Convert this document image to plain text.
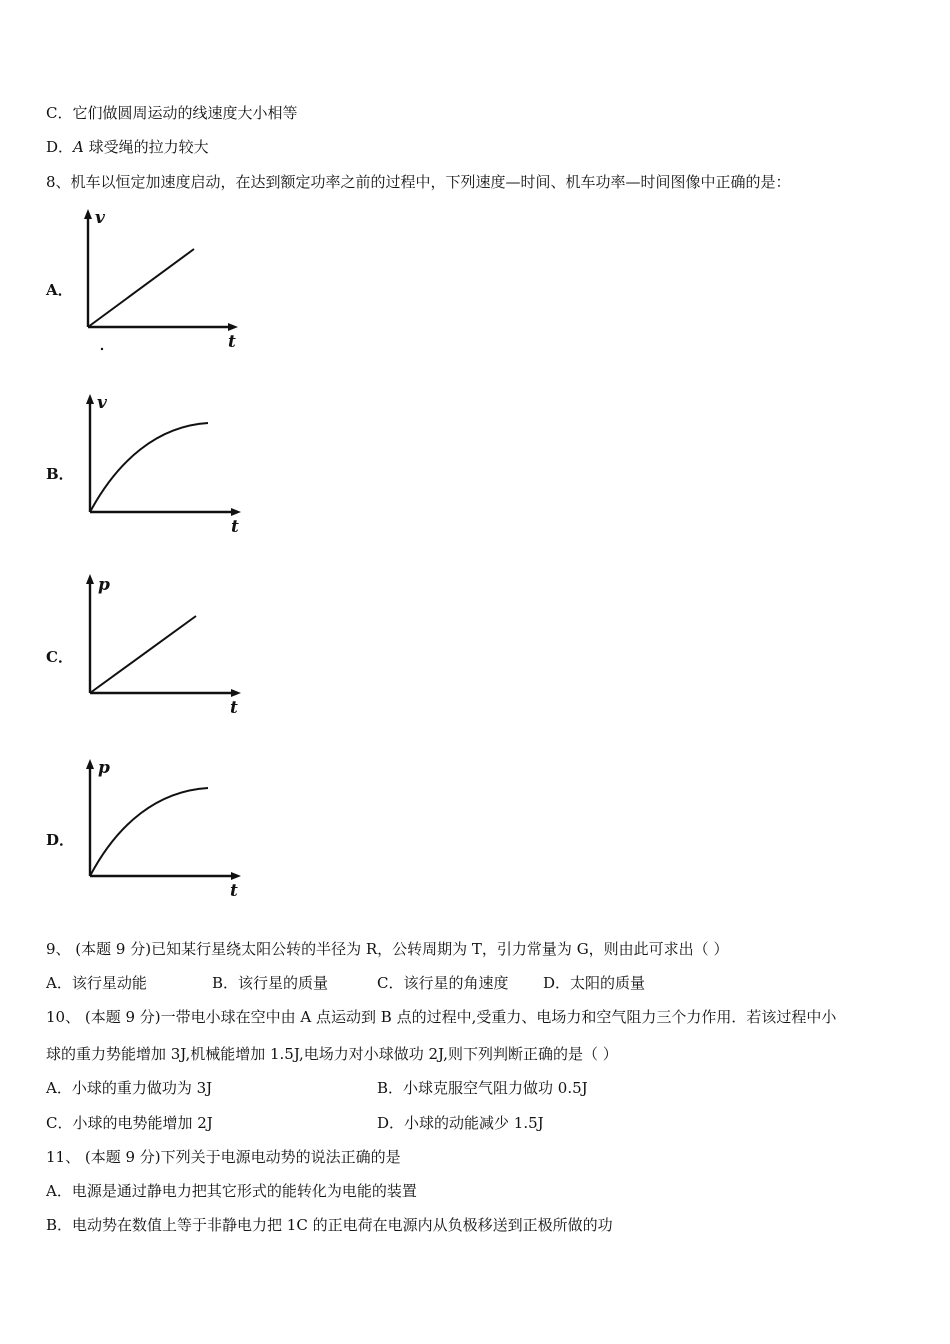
C．它们做圆周运动的线速度大小相等
D．A 球受绳的拉力较大
8、机车以恒定加速度启动，在达到额定功率之前的过程中，下列速度—时间、机车功率—时间图像中正确的是：
A．
v
t
B．
v
t
C．
p
t
D．
p
t
9、 (本题 9 分)已知某行星绕太阳公转的半径为 R，公转周期为 T，引力常量为 G，则由此可求出（ ）
A．该行星动能	B．该行星的质量	C．该行星的角速度 D．太阳的质量
10、 (本题 9 分)一带电小球在空中由 A 点运动到 B 点的过程中,受重力、电场力和空气阻力三个力作用．若该过程中小
球的重力势能增加 3J,机械能增加 1.5J,电场力对小球做功 2J,则下列判断正确的是（ ）
A．小球的重力做功为 3J	B．小球克服空气阻力做功 0.5J
C．小球的电势能增加 2J	D．小球的动能减少 1.5J
11、 (本题 9 分)下列关于电源电动势的说法正确的是
A．电源是通过静电力把其它形式的能转化为电能的装置
B．电动势在数值上等于非静电力把 1C 的正电荷在电源内从负极移送到正极所做的功
